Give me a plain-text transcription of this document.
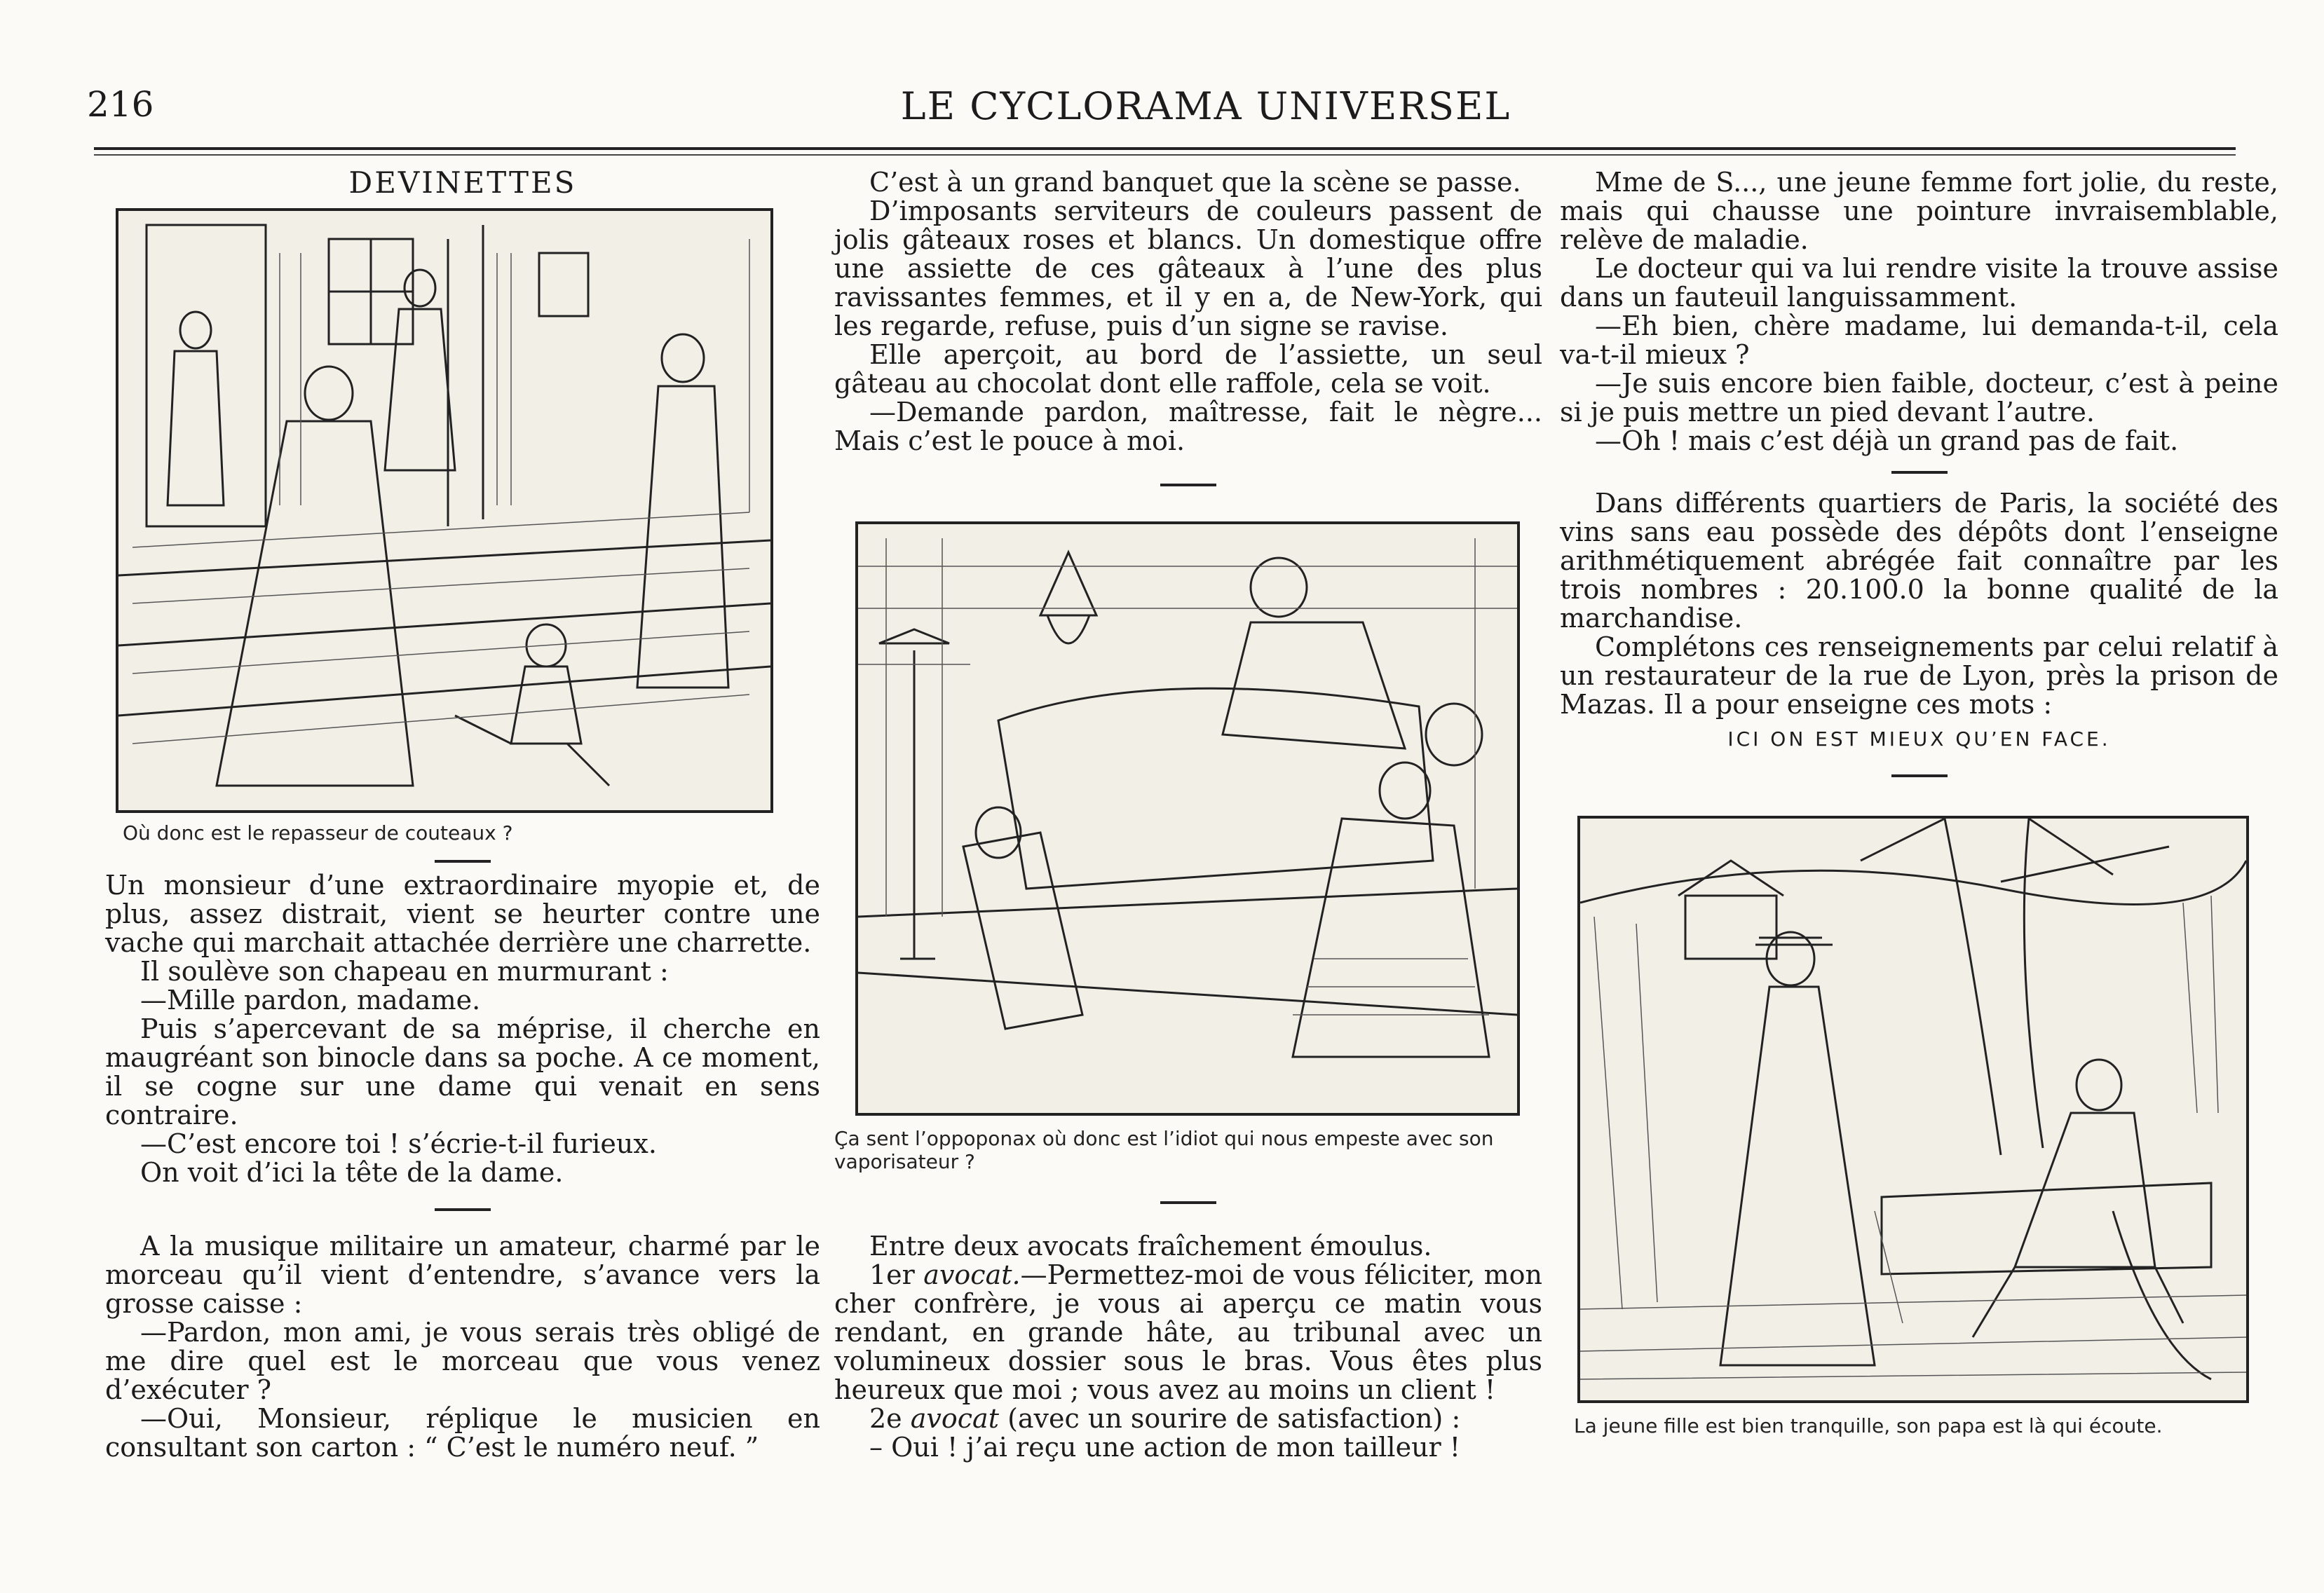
216	LE CYCLORAMA UNIVERSEL
DEVINETTES
Où donc est le repasseur de couteaux ?

Un monsieur d’une extraordinaire myopie et, de plus, assez distrait, vient se heurter contre une vache qui marchait attachée derrière une charrette.

Il soulève son chapeau en murmurant :

—Mille pardon, madame.

Puis s’apercevant de sa méprise, il cherche en maugréant son binocle dans sa poche. A ce moment, il se cogne sur une dame qui venait en sens contraire.

—C’est encore toi ! s’écrie-t-il furieux.

On voit d’ici la tête de la dame.

A la musique militaire un amateur, charmé par le morceau qu’il vient d’entendre, s’avance vers la grosse caisse :

—Pardon, mon ami, je vous serais très obligé de me dire quel est le morceau que vous venez d’exécuter ?

—Oui, Monsieur, réplique le musicien en consultant son carton : “ C’est le numéro neuf. ”

C’est à un grand banquet que la scène se passe.

D’imposants serviteurs de couleurs passent de jolis gâteaux roses et blancs. Un domestique offre une assiette de ces gâteaux à l’une des plus ravissantes femmes, et il y en a, de New-York, qui les regarde, refuse, puis d’un signe se ravise.

Elle aperçoit, au bord de l’assiette, un seul gâteau au chocolat dont elle raffole, cela se voit.

—Demande pardon, maîtresse, fait le nègre... Mais c’est le pouce à moi.

Ça sent l’oppoponax où donc est l’idiot qui nous empeste avec son vaporisateur ?

Entre deux avocats fraîchement émoulus.

1er avocat.—Permettez-moi de vous féliciter, mon cher confrère, je vous ai aperçu ce matin vous rendant, en grande hâte, au tribunal avec un volumineux dossier sous le bras. Vous êtes plus heureux que moi ; vous avez au moins un client !

2e avocat (avec un sourire de satisfaction) :

– Oui ! j’ai reçu une action de mon tailleur !

Mme de S..., une jeune femme fort jolie, du reste, mais qui chausse une pointure invraisemblable, relève de maladie.

Le docteur qui va lui rendre visite la trouve assise dans un fauteuil languissamment.

—Eh bien, chère madame, lui demanda-t-il, cela va-t-il mieux ?

—Je suis encore bien faible, docteur, c’est à peine si je puis mettre un pied devant l’autre.

—Oh ! mais c’est déjà un grand pas de fait.

Dans différents quartiers de Paris, la société des vins sans eau possède des dépôts dont l’enseigne arithmétiquement abrégée fait connaître par les trois nombres : 20.100.0 la bonne qualité de la marchandise.

Complétons ces renseignements par celui relatif à un restaurateur de la rue de Lyon, près la prison de Mazas. Il a pour enseigne ces mots :

ICI ON EST MIEUX QU’EN FACE.
La jeune fille est bien tranquille, son papa est là qui écoute.
